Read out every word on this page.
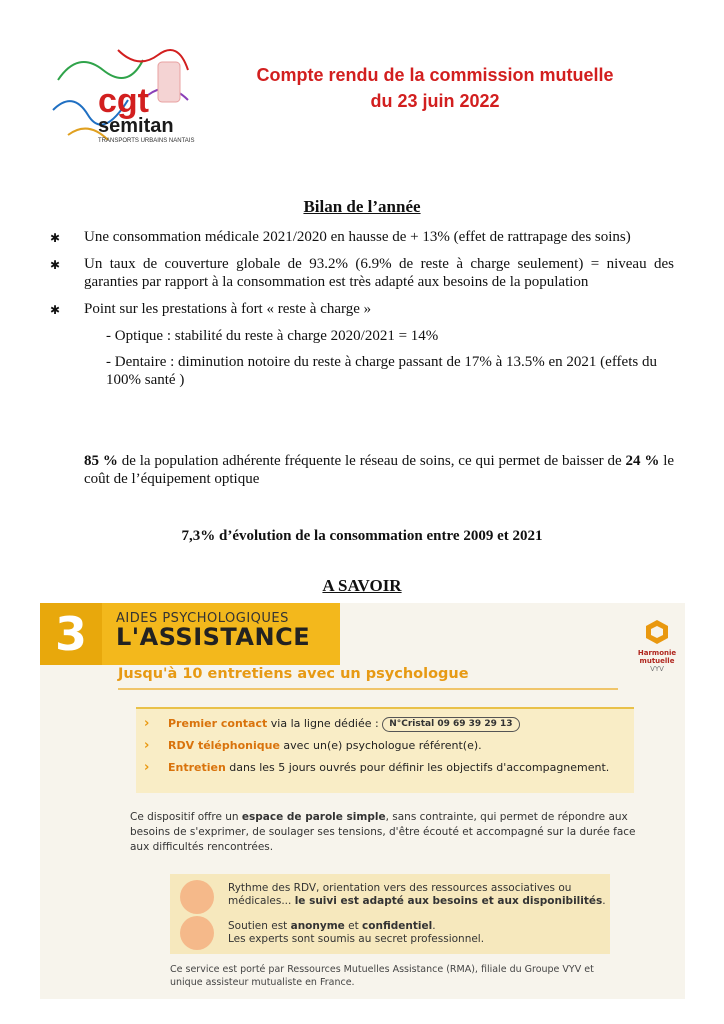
cgt
semitan
TRANSPORTS URBAINS NANTAIS
Compte rendu de la commission mutuelle
du 23 juin 2022
Bilan de l’année
✱ Une consommation médicale 2021/2020 en hausse de + 13% (effet de rattrapage des soins)
✱ Un taux de couverture globale de 93.2% (6.9% de reste à charge seulement) = niveau des garanties par rapport à la consommation est très adapté aux besoins de la population
✱ Point sur les prestations à fort « reste à charge »
- Optique : stabilité du reste à charge 2020/2021 = 14%
- Dentaire : diminution notoire du reste à charge passant de 17% à 13.5% en 2021 (effets du 100% santé )
85 % de la population adhérente fréquente le réseau de soins, ce qui permet de baisser de 24 % le coût de l’équipement optique
7,3% d’évolution de la consommation entre 2009 et 2021
A SAVOIR
3	AIDES PSYCHOLOGIQUES
L'ASSISTANCE
Harmonie mutuelle
VYV
Jusqu'à 10 entretiens avec un psychologue
› Premier contact via la ligne dédiée : N°Cristal 09 69 39 29 13
› RDV téléphonique avec un(e) psychologue référent(e).
› Entretien dans les 5 jours ouvrés pour définir les objectifs d'accompagnement.
Ce dispositif offre un espace de parole simple, sans contrainte, qui permet de répondre aux besoins de s'exprimer, de soulager ses tensions, d'être écouté et accompagné sur la durée face aux difficultés rencontrées.
Rythme des RDV, orientation vers des ressources associatives ou médicales... le suivi est adapté aux besoins et aux disponibilités.
Soutien est anonyme et confidentiel.
Les experts sont soumis au secret professionnel.
Ce service est porté par Ressources Mutuelles Assistance (RMA), filiale du Groupe VYV et unique assisteur mutualiste en France.
